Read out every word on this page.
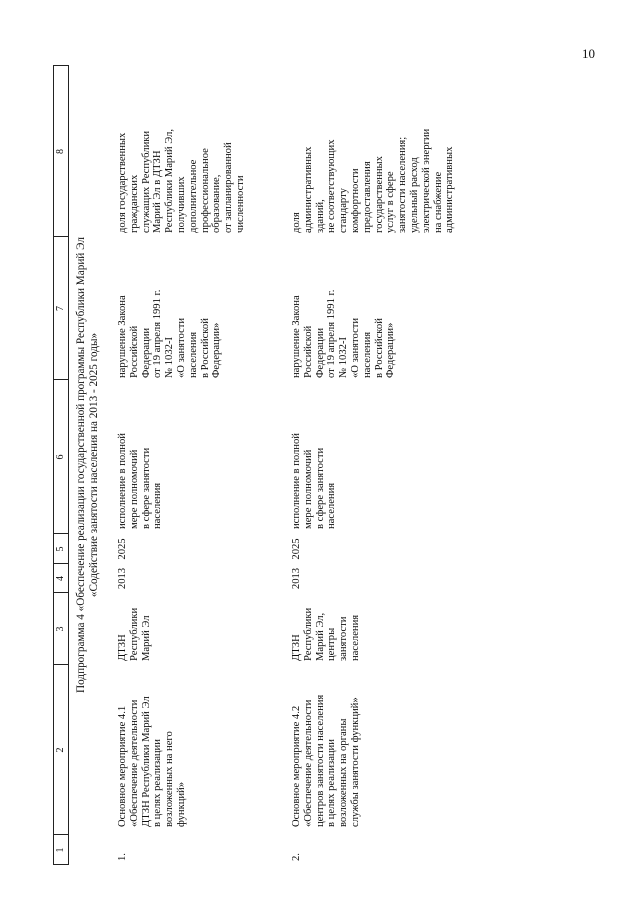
10
1
2
3
4
5
6
7
8
Подпрограмма 4 «Обеспечение реализации государственной программы Республики Марий Эл «Содействие занятости населения на 2013 - 2025 годы»
1.
Основное мероприятие 4.1
«Обеспечение деятельности
ДТЗН Республики Марий Эл
в целях реализации
возложенных на него
функций»
ДТЗН
Республики
Марий Эл
2013
2025
исполнение в полной
мере полномочий
в сфере занятости
населения
нарушение Закона
Российской
Федерации
от 19 апреля 1991 г.
№ 1032-I
«О занятости
населения
в Российской
Федерации»
доля государственных
гражданских
служащих Республики
Марий Эл в ДТЗН
Республики Марий Эл,
получивших
дополнительное
профессиональное
образование,
от запланированной
численности
2.
Основное мероприятие 4.2
«Обеспечение деятельности
центров занятости населения
в целях реализации
возложенных на органы
службы занятости функций»
ДТЗН
Республики
Марий Эл,
центры
занятости
населения
2013
2025
исполнение в полной
мере полномочий
в сфере занятости
населения
нарушение Закона
Российской
Федерации
от 19 апреля 1991 г.
№ 1032-I
«О занятости
населения
в Российской
Федерации»
доля
административных
зданий,
не соответствующих
стандарту
комфортности
предоставления
государственных
услуг в сфере
занятости населения;
удельный расход
электрической энергии
на снабжение
административных
